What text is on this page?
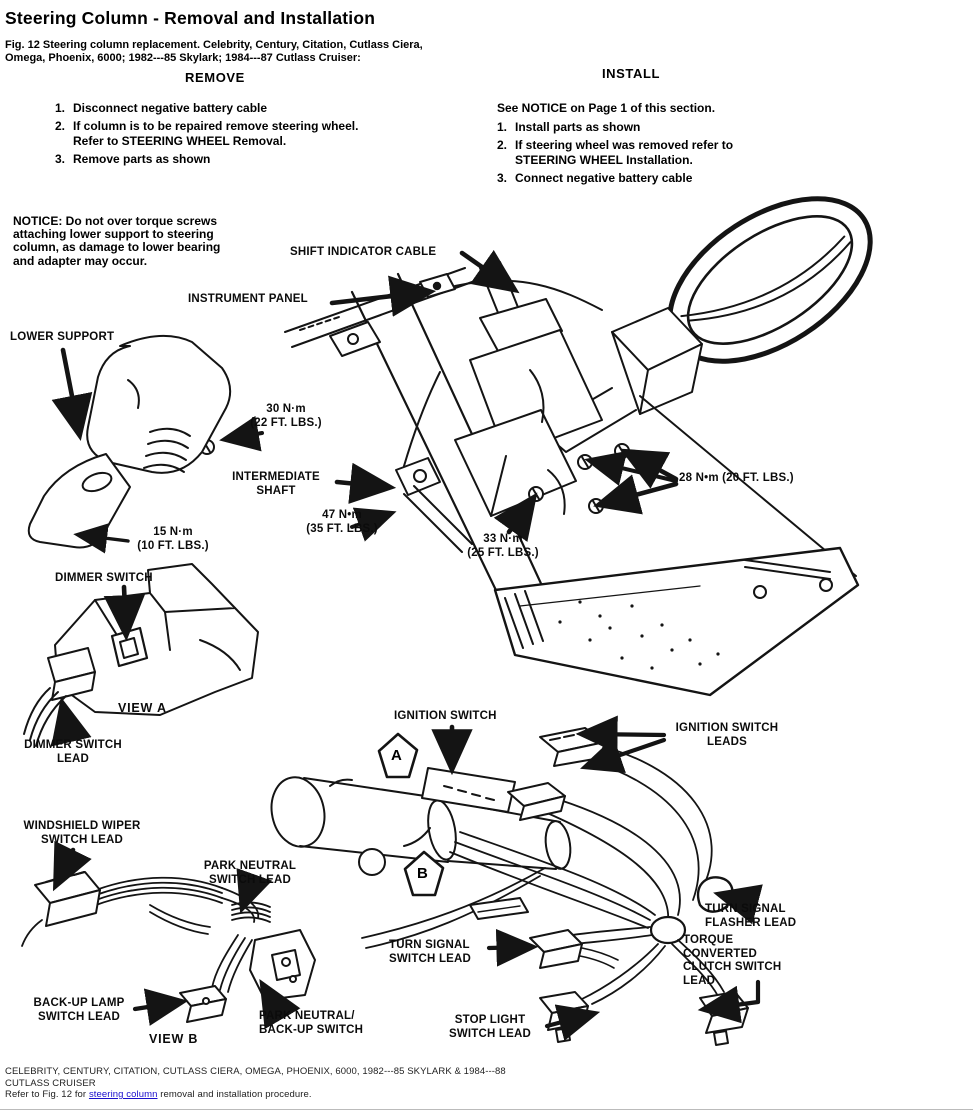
Steering Column - Removal and Installation
Fig. 12 Steering column replacement. Celebrity, Century, Citation, Cutlass Ciera,
Omega, Phoenix, 6000; 1982---85 Skylark; 1984---87 Cutlass Cruiser:
REMOVE
1. Disconnect negative battery cable
2. If column is to be repaired remove steering wheel.
Refer to STEERING WHEEL Removal.
3. Remove parts as shown
INSTALL
See NOTICE on Page 1 of this section.
1. Install parts as shown
2. If steering wheel was removed refer to
STEERING WHEEL Installation.
3. Connect negative battery cable
NOTICE: Do not over torque screws
attaching lower support to steering
column, as damage to lower bearing
and adapter may occur.
SHIFT INDICATOR CABLE
INSTRUMENT PANEL
LOWER SUPPORT
30 N·m
(22 FT. LBS.)
INTERMEDIATE
SHAFT
47 N•m
(35 FT. LBS.)
15 N·m
(10 FT. LBS.)
33 N·m
(25 FT. LBS.)
28 N•m (20 FT. LBS.)
DIMMER SWITCH
VIEW A
DIMMER SWITCH
LEAD
IGNITION SWITCH
IGNITION SWITCH
LEADS
A
B
WINDSHIELD WIPER
SWITCH LEAD
PARK NEUTRAL
SWITCH LEAD
BACK-UP LAMP
SWITCH LEAD
VIEW B
PARK NEUTRAL/
BACK-UP SWITCH
TURN SIGNAL
SWITCH LEAD
TURN SIGNAL
FLASHER LEAD
TORQUE
CONVERTED
CLUTCH SWITCH
LEAD
STOP LIGHT
SWITCH LEAD
CELEBRITY, CENTURY, CITATION, CUTLASS CIERA, OMEGA, PHOENIX, 6000, 1982---85 SKYLARK & 1984---88
CUTLASS CRUISER
Refer to Fig. 12 for steering column removal and installation procedure.
